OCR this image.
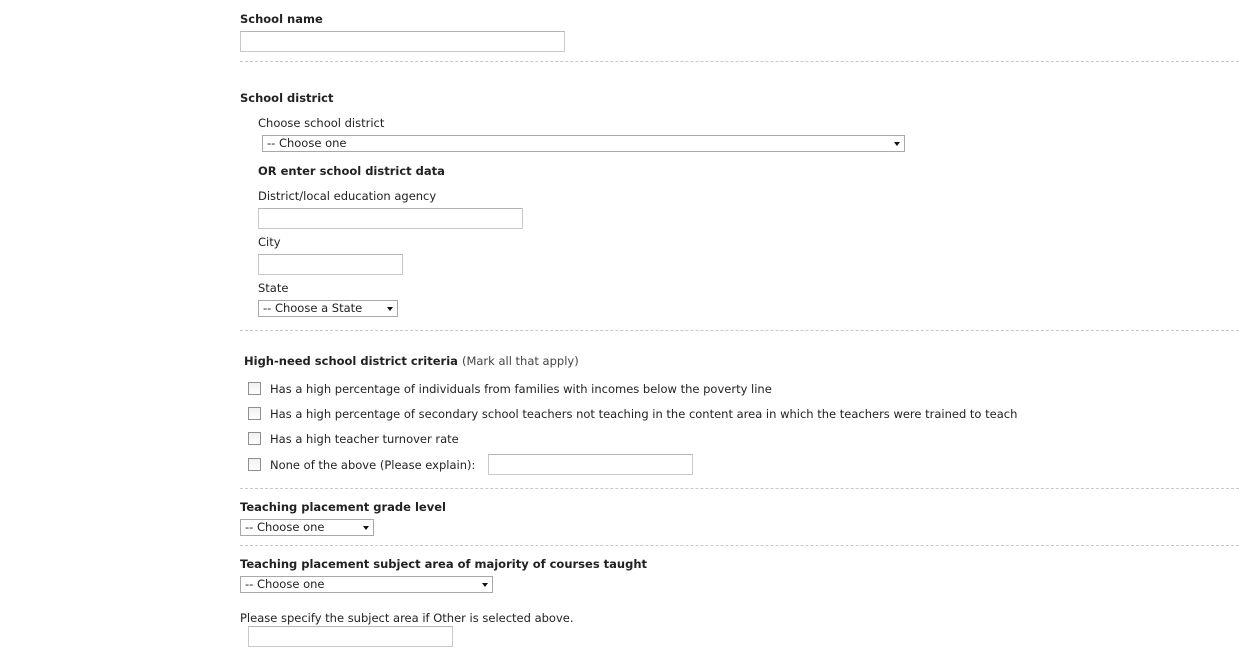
School name
School district
Choose school district
-- Choose one
OR enter school district data
District/local education agency
City
State
-- Choose a State
High-need school district criteria (Mark all that apply)
Has a high percentage of individuals from families with incomes below the poverty line
Has a high percentage of secondary school teachers not teaching in the content area in which the teachers were trained to teach
Has a high teacher turnover rate
None of the above (Please explain):
Teaching placement grade level
-- Choose one
Teaching placement subject area of majority of courses taught
-- Choose one
Please specify the subject area if Other is selected above.
